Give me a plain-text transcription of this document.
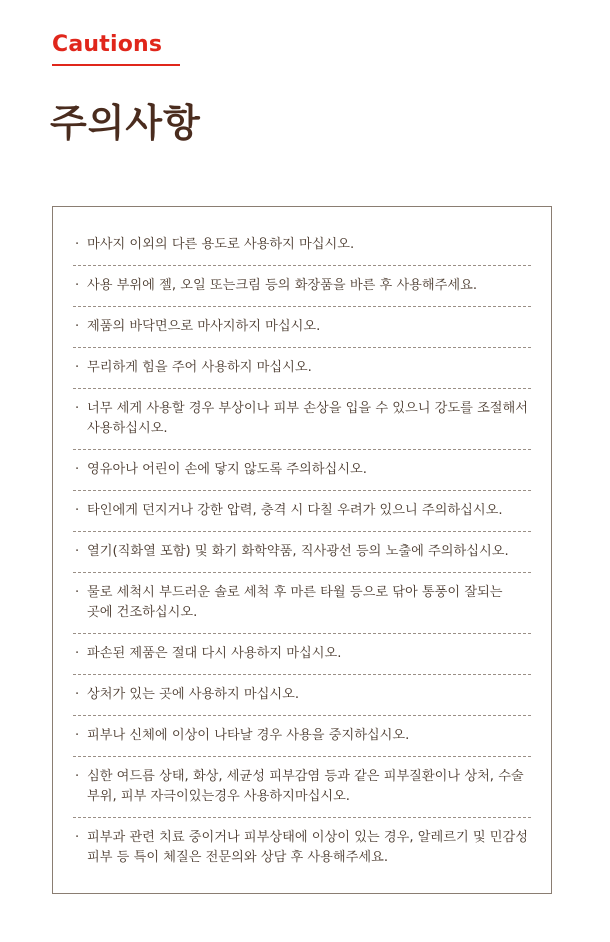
Cautions
주의사항
· 마사지 이외의 다른 용도로 사용하지 마십시오.
· 사용 부위에 젤, 오일 또는크림 등의 화장품을 바른 후 사용해주세요.
· 제품의 바닥면으로 마사지하지 마십시오.
· 무리하게 힘을 주어 사용하지 마십시오.
· 너무 세게 사용할 경우 부상이나 피부 손상을 입을 수 있으니 강도를 조절해서 사용하십시오.
· 영유아나 어린이 손에 닿지 않도록 주의하십시오.
· 타인에게 던지거나 강한 압력, 충격 시 다칠 우려가 있으니 주의하십시오.
· 열기(직화열 포함) 및 화기 화학약품, 직사광선 등의 노출에 주의하십시오.
· 물로 세척시 부드러운 솔로 세척 후 마른 타월 등으로 닦아 통풍이 잘되는 곳에 건조하십시오.
· 파손된 제품은 절대 다시 사용하지 마십시오.
· 상처가 있는 곳에 사용하지 마십시오.
· 피부나 신체에 이상이 나타날 경우 사용을 중지하십시오.
· 심한 여드름 상태, 화상, 세균성 피부감염 등과 같은 피부질환이나 상처, 수술 부위, 피부 자극이있는경우 사용하지마십시오.
· 피부과 관련 치료 중이거나 피부상태에 이상이 있는 경우, 알레르기 및 민감성 피부 등 특이 체질은 전문의와 상담 후 사용해주세요.
